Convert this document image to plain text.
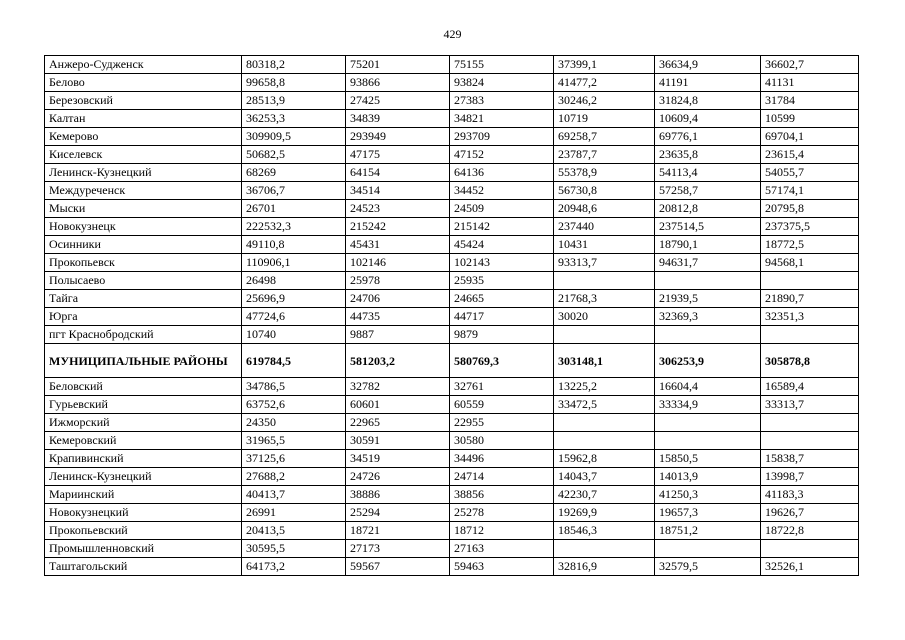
429
Анжеро-Судженск	80318,2	75201	75155	37399,1	36634,9	36602,7
Белово	99658,8	93866	93824	41477,2	41191	41131
Березовский	28513,9	27425	27383	30246,2	31824,8	31784
Калтан	36253,3	34839	34821	10719	10609,4	10599
Кемерово	309909,5	293949	293709	69258,7	69776,1	69704,1
Киселевск	50682,5	47175	47152	23787,7	23635,8	23615,4
Ленинск-Кузнецкий	68269	64154	64136	55378,9	54113,4	54055,7
Междуреченск	36706,7	34514	34452	56730,8	57258,7	57174,1
Мыски	26701	24523	24509	20948,6	20812,8	20795,8
Новокузнецк	222532,3	215242	215142	237440	237514,5	237375,5
Осинники	49110,8	45431	45424	10431	18790,1	18772,5
Прокопьевск	110906,1	102146	102143	93313,7	94631,7	94568,1
Полысаево	26498	25978	25935			
Тайга	25696,9	24706	24665	21768,3	21939,5	21890,7
Юрга	47724,6	44735	44717	30020	32369,3	32351,3
пгт Краснобродский	10740	9887	9879			
МУНИЦИПАЛЬНЫЕ РАЙОНЫ	619784,5	581203,2	580769,3	303148,1	306253,9	305878,8
Беловский	34786,5	32782	32761	13225,2	16604,4	16589,4
Гурьевский	63752,6	60601	60559	33472,5	33334,9	33313,7
Ижморский	24350	22965	22955			
Кемеровский	31965,5	30591	30580			
Крапивинский	37125,6	34519	34496	15962,8	15850,5	15838,7
Ленинск-Кузнецкий	27688,2	24726	24714	14043,7	14013,9	13998,7
Мариинский	40413,7	38886	38856	42230,7	41250,3	41183,3
Новокузнецкий	26991	25294	25278	19269,9	19657,3	19626,7
Прокопьевский	20413,5	18721	18712	18546,3	18751,2	18722,8
Промышленновский	30595,5	27173	27163			
Таштагольский	64173,2	59567	59463	32816,9	32579,5	32526,1
